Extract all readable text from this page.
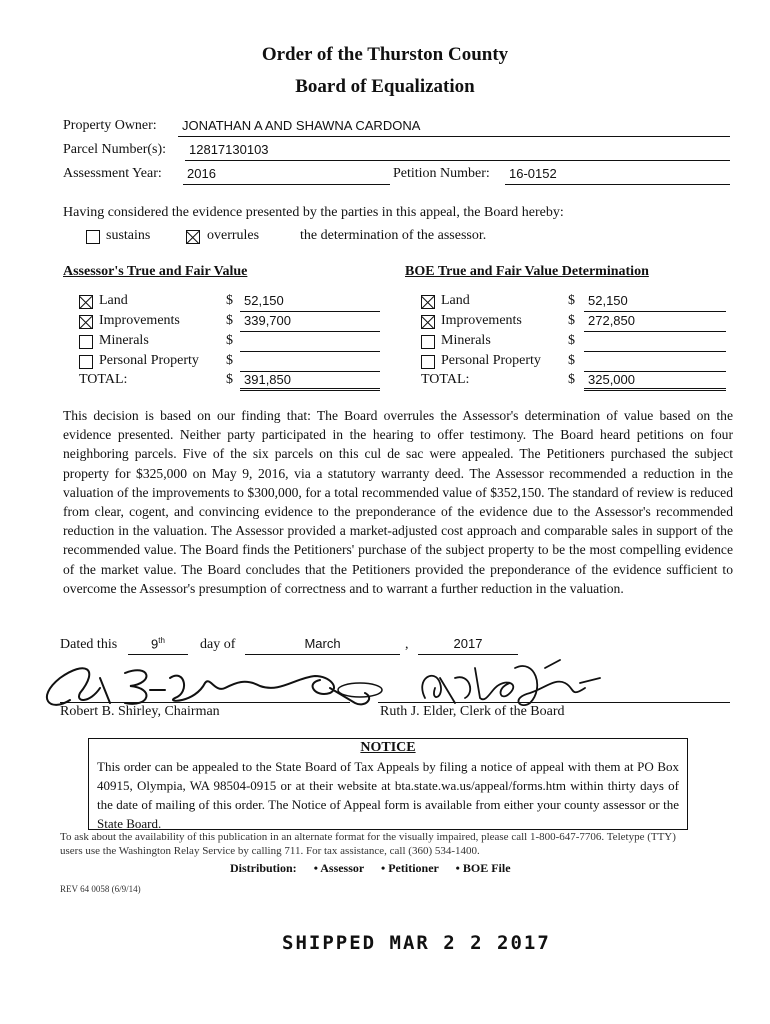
Order of the Thurston County
Board of Equalization
Property Owner:	JONATHAN A AND SHAWNA CARDONA
Parcel Number(s):	12817130103
Assessment Year:	2016	Petition Number:	16-0152
Having considered the evidence presented by the parties in this appeal, the Board hereby:
sustains	overrules	the determination of the assessor.
Assessor's True and Fair Value
Land	$ 52,150
Improvements	$ 339,700
Minerals	$
Personal Property $
TOTAL:	$ 391,850
BOE True and Fair Value Determination
Land	$	52,150
Improvements	$	272,850
Minerals	$
Personal Property $
TOTAL:	$	325,000
This decision is based on our finding that: The Board overrules the Assessor's determination of value based on the evidence presented. Neither party participated in the hearing to offer testimony. The Board heard petitions on four neighboring parcels. Five of the six parcels on this cul de sac were appealed. The Petitioners purchased the subject property for $325,000 on May 9, 2016, via a statutory warranty deed. The Assessor recommended a reduction in the valuation of the improvements to $300,000, for a total recommended value of $352,150. The standard of review is reduced from clear, cogent, and convincing evidence to the preponderance of the evidence due to the Assessor's recommended reduction in the valuation. The Assessor provided a market-adjusted cost approach and comparable sales in support of the recommended value. The Board finds the Petitioners' purchase of the subject property to be the most compelling evidence of the market value. The Board concludes that the Petitioners provided the preponderance of the evidence sufficient to overcome the Assessor's presumption of correctness and to warrant a further reduction in the valuation.
Dated this	9th	day of	March	,	2017
Robert B. Shirley, Chairman	Ruth J. Elder, Clerk of the Board
NOTICE
This order can be appealed to the State Board of Tax Appeals by filing a notice of appeal with them at PO Box 40915, Olympia, WA 98504-0915 or at their website at bta.state.wa.us/appeal/forms.htm within thirty days of the date of mailing of this order. The Notice of Appeal form is available from either your county assessor or the State Board.
To ask about the availability of this publication in an alternate format for the visually impaired, please call 1-800-647-7706. Teletype (TTY) users use the Washington Relay Service by calling 711. For tax assistance, call (360) 534-1400.
Distribution: • Assessor • Petitioner • BOE File
REV 64 0058 (6/9/14)
SHIPPED MAR 2 2 2017
